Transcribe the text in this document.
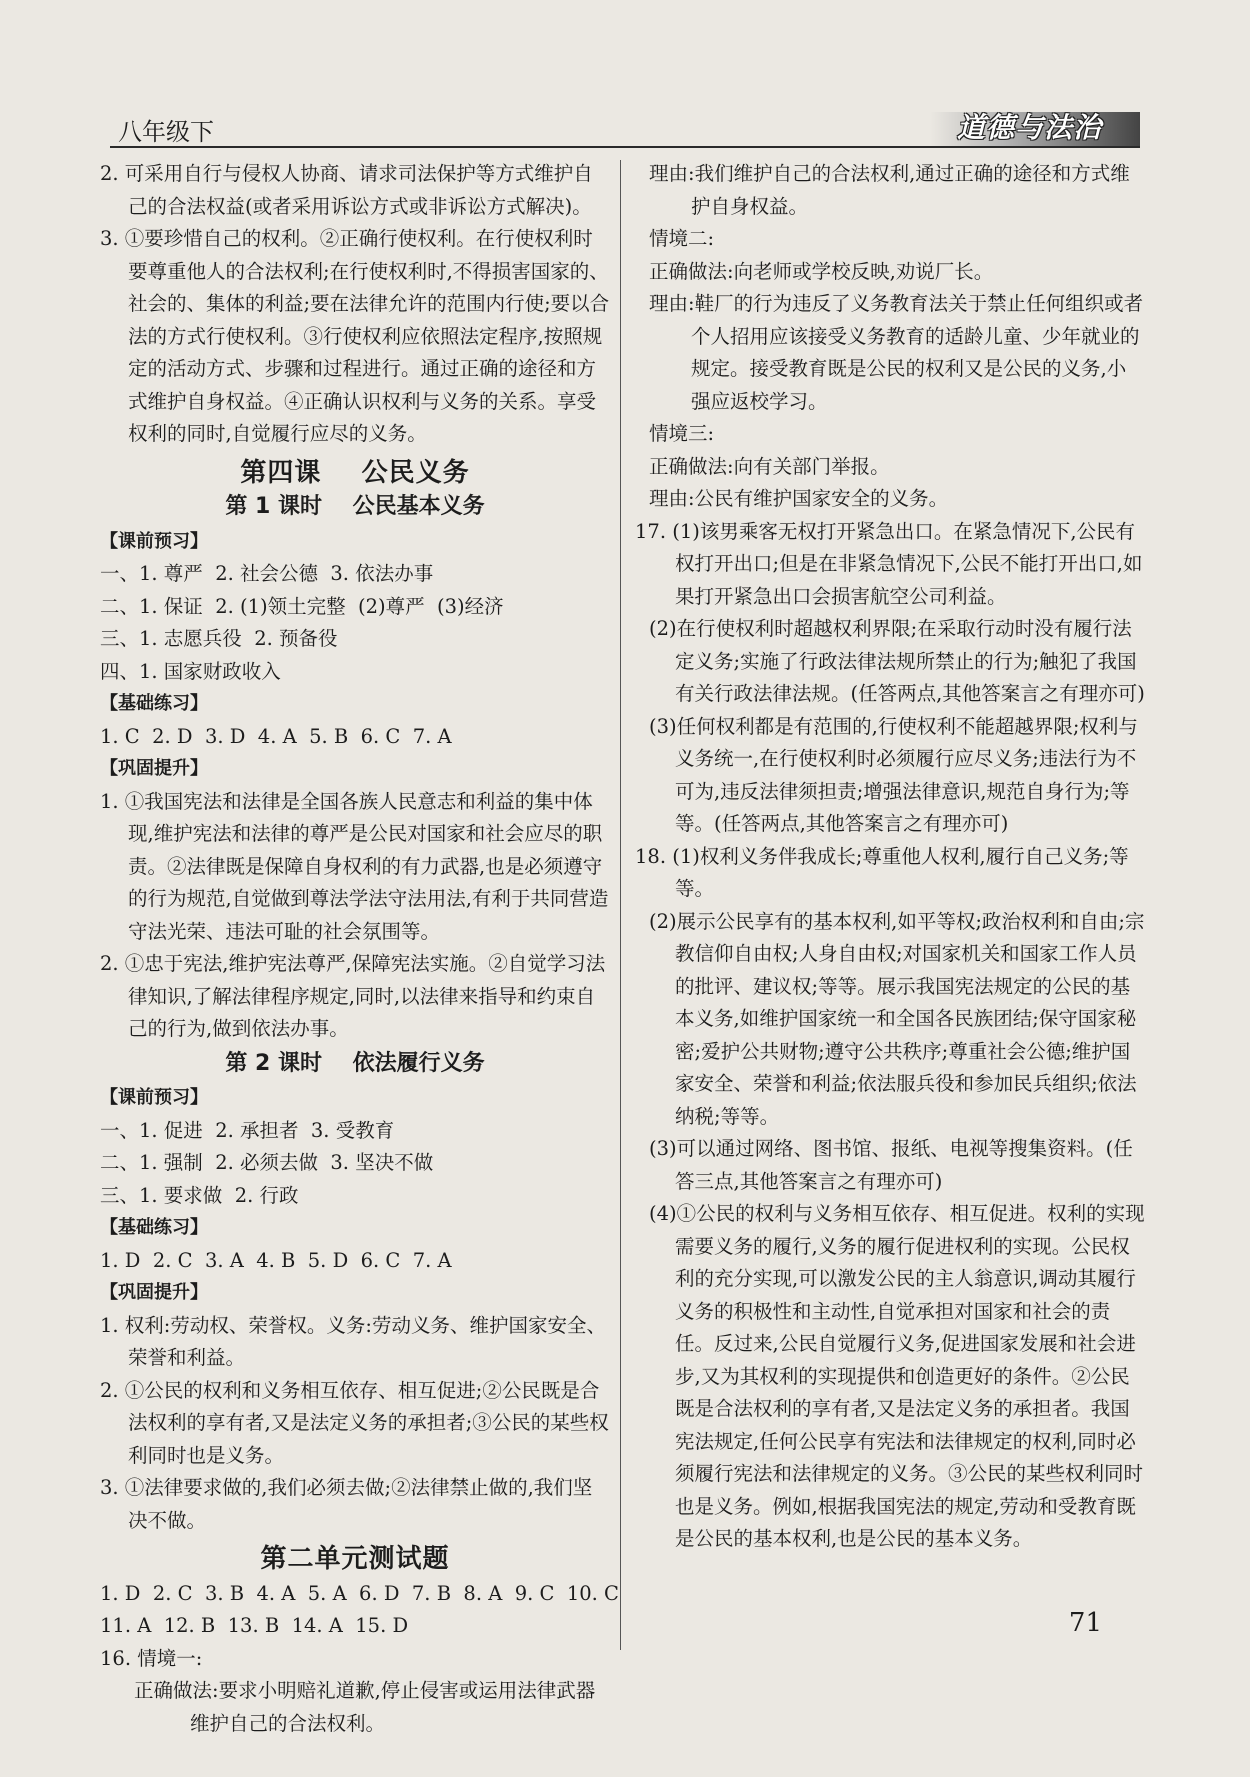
八年级下	道德与法治

2. 可采用自行与侵权人协商、请求司法保护等方式维护自己的合法权益(或者采用诉讼方式或非诉讼方式解决)。

3. ①要珍惜自己的权利。②正确行使权利。在行使权利时要尊重他人的合法权利;在行使权利时,不得损害国家的、社会的、集体的利益;要在法律允许的范围内行使;要以合法的方式行使权利。③行使权利应依照法定程序,按照规定的活动方式、步骤和过程进行。通过正确的途径和方式维护自身权益。④正确认识权利与义务的关系。享受权利的同时,自觉履行应尽的义务。

第四课    公民义务
第 1 课时    公民基本义务
【课前预习】

一、1. 尊严  2. 社会公德  3. 依法办事

二、1. 保证  2. (1)领土完整  (2)尊严  (3)经济

三、1. 志愿兵役  2. 预备役

四、1. 国家财政收入

【基础练习】

1. C  2. D  3. D  4. A  5. B  6. C  7. A

【巩固提升】

1. ①我国宪法和法律是全国各族人民意志和利益的集中体现,维护宪法和法律的尊严是公民对国家和社会应尽的职责。②法律既是保障自身权利的有力武器,也是必须遵守的行为规范,自觉做到尊法学法守法用法,有利于共同营造守法光荣、违法可耻的社会氛围等。

2. ①忠于宪法,维护宪法尊严,保障宪法实施。②自觉学习法律知识,了解法律程序规定,同时,以法律来指导和约束自己的行为,做到依法办事。

第 2 课时    依法履行义务
【课前预习】

一、1. 促进  2. 承担者  3. 受教育

二、1. 强制  2. 必须去做  3. 坚决不做

三、1. 要求做  2. 行政

【基础练习】

1. D  2. C  3. A  4. B  5. D  6. C  7. A

【巩固提升】

1. 权利:劳动权、荣誉权。义务:劳动义务、维护国家安全、荣誉和利益。

2. ①公民的权利和义务相互依存、相互促进;②公民既是合法权利的享有者,又是法定义务的承担者;③公民的某些权利同时也是义务。

3. ①法律要求做的,我们必须去做;②法律禁止做的,我们坚决不做。

第二单元测试题

1. D  2. C  3. B  4. A  5. A  6. D  7. B  8. A  9. C  10. C

11. A  12. B  13. B  14. A  15. D

16. 情境一:

正确做法:要求小明赔礼道歉,停止侵害或运用法律武器维护自己的合法权利。

理由:我们维护自己的合法权利,通过正确的途径和方式维护自身权益。

情境二:

正确做法:向老师或学校反映,劝说厂长。

理由:鞋厂的行为违反了义务教育法关于禁止任何组织或者个人招用应该接受义务教育的适龄儿童、少年就业的规定。接受教育既是公民的权利又是公民的义务,小强应返校学习。

情境三:

正确做法:向有关部门举报。

理由:公民有维护国家安全的义务。

17. (1)该男乘客无权打开紧急出口。在紧急情况下,公民有权打开出口;但是在非紧急情况下,公民不能打开出口,如果打开紧急出口会损害航空公司利益。

(2)在行使权利时超越权利界限;在采取行动时没有履行法定义务;实施了行政法律法规所禁止的行为;触犯了我国有关行政法律法规。(任答两点,其他答案言之有理亦可)

(3)任何权利都是有范围的,行使权利不能超越界限;权利与义务统一,在行使权利时必须履行应尽义务;违法行为不可为,违反法律须担责;增强法律意识,规范自身行为;等等。(任答两点,其他答案言之有理亦可)

18. (1)权利义务伴我成长;尊重他人权利,履行自己义务;等等。

(2)展示公民享有的基本权利,如平等权;政治权利和自由;宗教信仰自由权;人身自由权;对国家机关和国家工作人员的批评、建议权;等等。展示我国宪法规定的公民的基本义务,如维护国家统一和全国各民族团结;保守国家秘密;爱护公共财物;遵守公共秩序;尊重社会公德;维护国家安全、荣誉和利益;依法服兵役和参加民兵组织;依法纳税;等等。

(3)可以通过网络、图书馆、报纸、电视等搜集资料。(任答三点,其他答案言之有理亦可)

(4)①公民的权利与义务相互依存、相互促进。权利的实现需要义务的履行,义务的履行促进权利的实现。公民权利的充分实现,可以激发公民的主人翁意识,调动其履行义务的积极性和主动性,自觉承担对国家和社会的责任。反过来,公民自觉履行义务,促进国家发展和社会进步,又为其权利的实现提供和创造更好的条件。②公民既是合法权利的享有者,又是法定义务的承担者。我国宪法规定,任何公民享有宪法和法律规定的权利,同时必须履行宪法和法律规定的义务。③公民的某些权利同时也是义务。例如,根据我国宪法的规定,劳动和受教育既是公民的基本权利,也是公民的基本义务。

71
